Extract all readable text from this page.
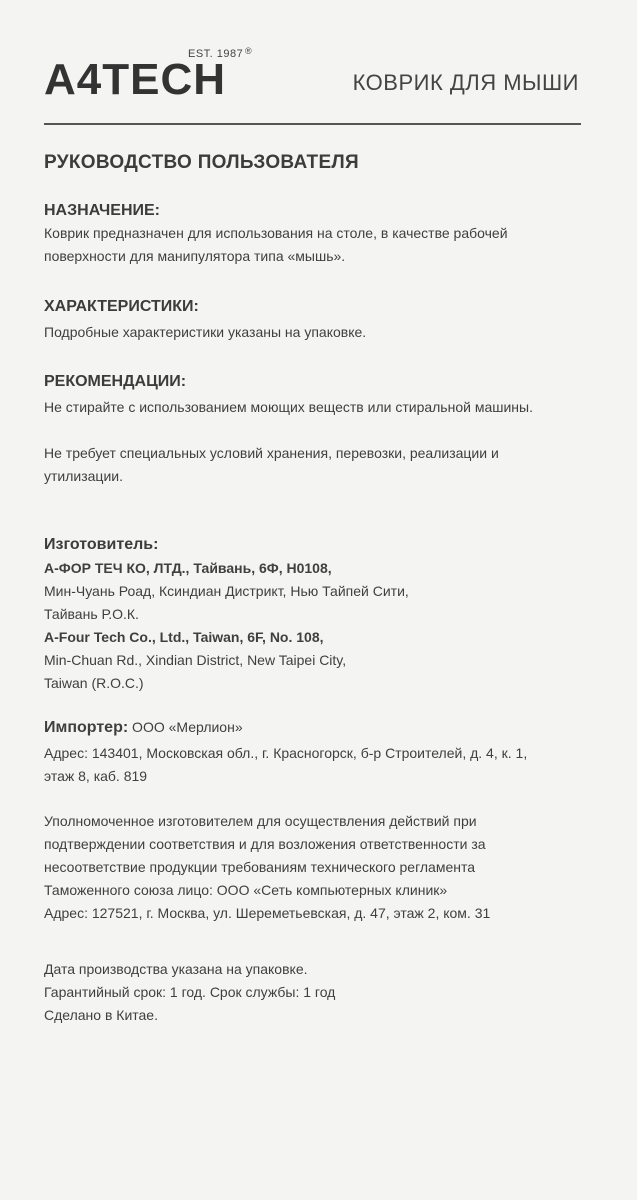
EST. 1987 ®
A4TECH	КОВРИК ДЛЯ МЫШИ
РУКОВОДСТВО ПОЛЬЗОВАТЕЛЯ
НАЗНАЧЕНИЕ:
Коврик предназначен для использования на столе, в качестве рабочей
поверхности для манипулятора типа «мышь».
ХАРАКТЕРИСТИКИ:
Подробные характеристики указаны на упаковке.
РЕКОМЕНДАЦИИ:
Не стирайте с использованием моющих веществ или стиральной машины.
Не требует специальных условий хранения, перевозки, реализации и
утилизации.
Изготовитель:
А-ФОР ТЕЧ КО, ЛТД., Тайвань, 6Ф, Н0108,
Мин-Чуань Роад, Ксиндиан Дистрикт, Нью Тайпей Сити,
Тайвань Р.О.К.
A-Four Tech Co., Ltd., Taiwan, 6F, No. 108,
Min-Chuan Rd., Xindian District, New Taipei City,
Taiwan (R.O.C.)
Импортер: ООО «Мерлион»
Адрес: 143401, Московская обл., г. Красногорск, б-р Строителей, д. 4, к. 1,
этаж 8, каб. 819
Уполномоченное изготовителем для осуществления действий при
подтверждении соответствия и для возложения ответственности за
несоответствие продукции требованиям технического регламента
Таможенного союза лицо: ООО «Сеть компьютерных клиник»
Адрес: 127521, г. Москва, ул. Шереметьевская, д. 47, этаж 2, ком. 31
Дата производства указана на упаковке.
Гарантийный срок: 1 год. Срок службы: 1 год
Сделано в Китае.
